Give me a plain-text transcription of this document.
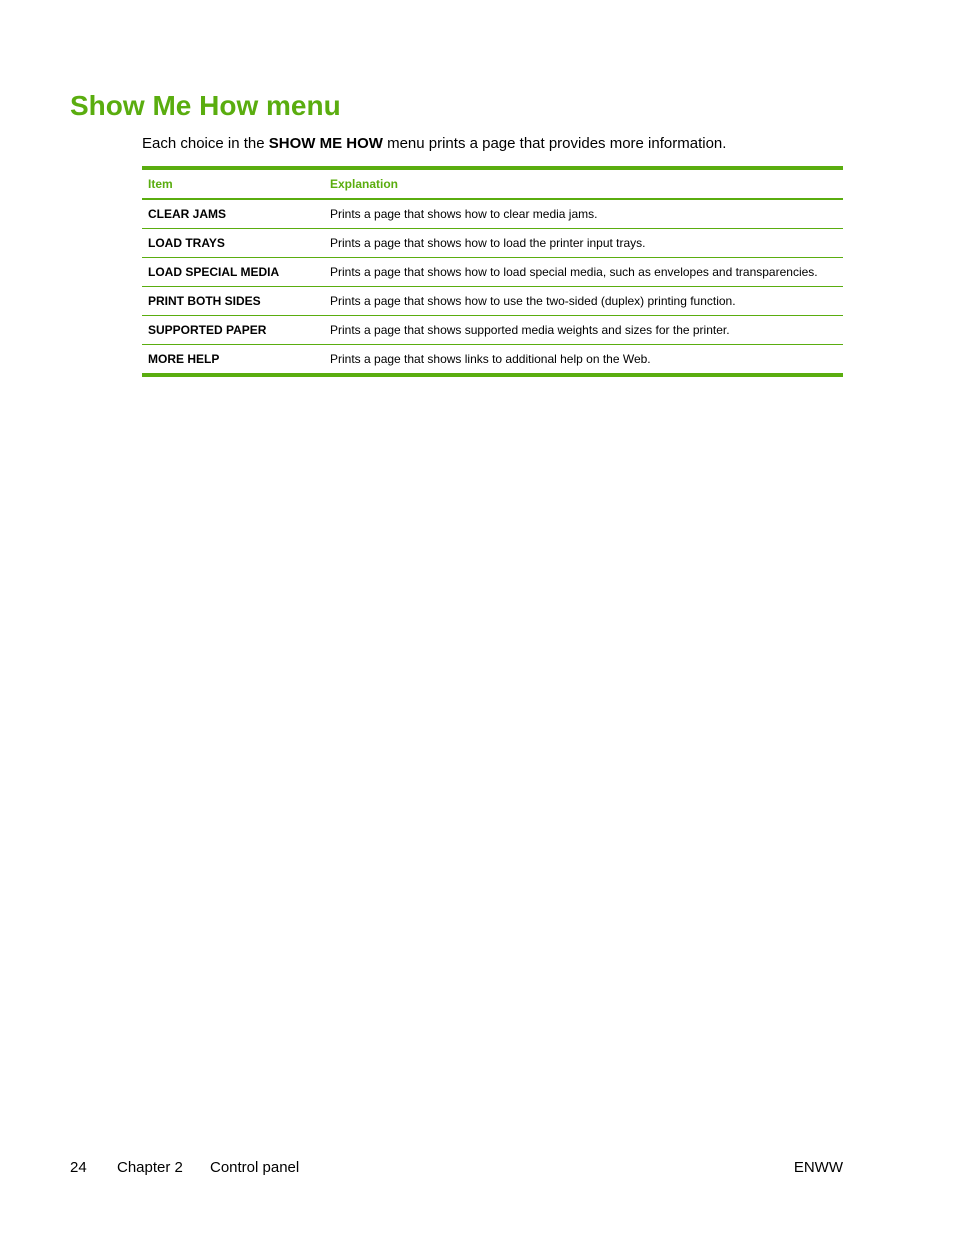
Show Me How menu

Each choice in the SHOW ME HOW menu prints a page that provides more information.

Item	Explanation
CLEAR JAMS	Prints a page that shows how to clear media jams.
LOAD TRAYS	Prints a page that shows how to load the printer input trays.
LOAD SPECIAL MEDIA	Prints a page that shows how to load special media, such as envelopes and transparencies.
PRINT BOTH SIDES	Prints a page that shows how to use the two-sided (duplex) printing function.
SUPPORTED PAPER	Prints a page that shows supported media weights and sizes for the printer.
MORE HELP	Prints a page that shows links to additional help on the Web.
24 Chapter 2 Control panel	ENWW
